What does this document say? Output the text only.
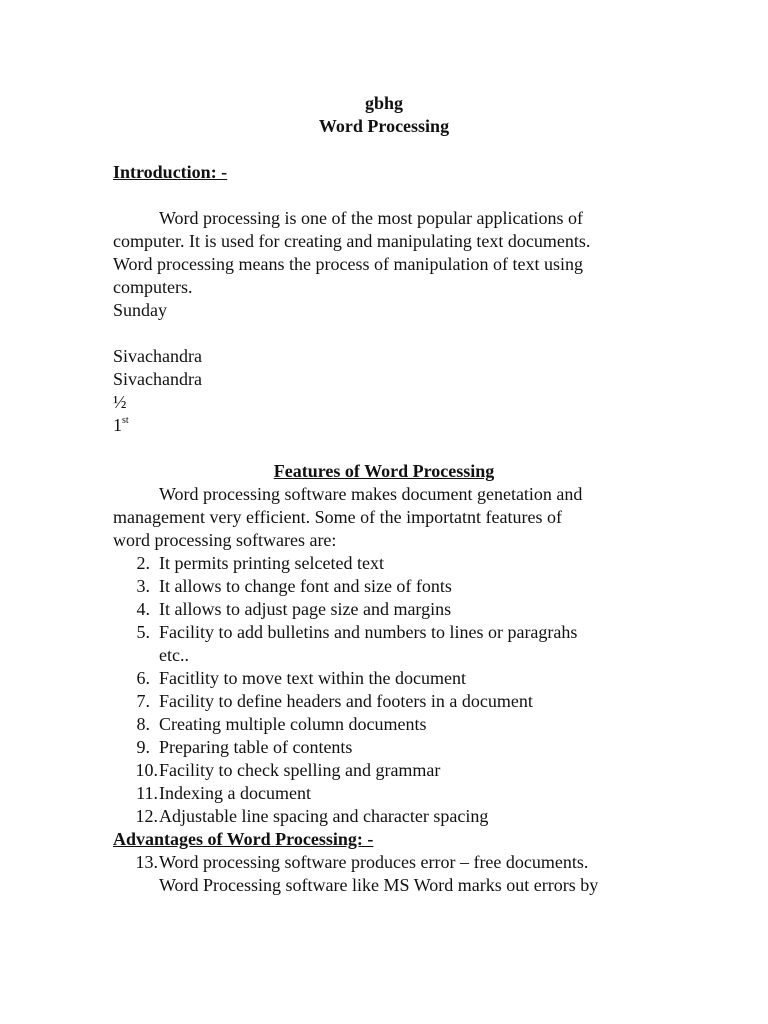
gbhg
Word Processing
Introduction: -
Word processing is one of the most popular applications of
computer. It is used for creating and manipulating text documents.
Word processing means the process of manipulation of text using
computers.
Sunday
Sivachandra
Sivachandra
½
1st
Features of Word Processing
Word processing software makes document genetation and
management very efficient. Some of the importatnt features of
word processing softwares are:
2. It permits printing selceted text
3. It allows to change font and size of fonts
4. It allows to adjust page size and margins
5. Facility to add bulletins and numbers to lines or paragrahs
etc..
6. Facitlity to move text within the document
7. Facility to define headers and footers in a document
8. Creating multiple column documents
9. Preparing table of contents
10. Facility to check spelling and grammar
11. Indexing a document
12. Adjustable line spacing and character spacing
Advantages of Word Processing: -
13. Word processing software produces error – free documents.
Word Processing software like MS Word marks out errors by
